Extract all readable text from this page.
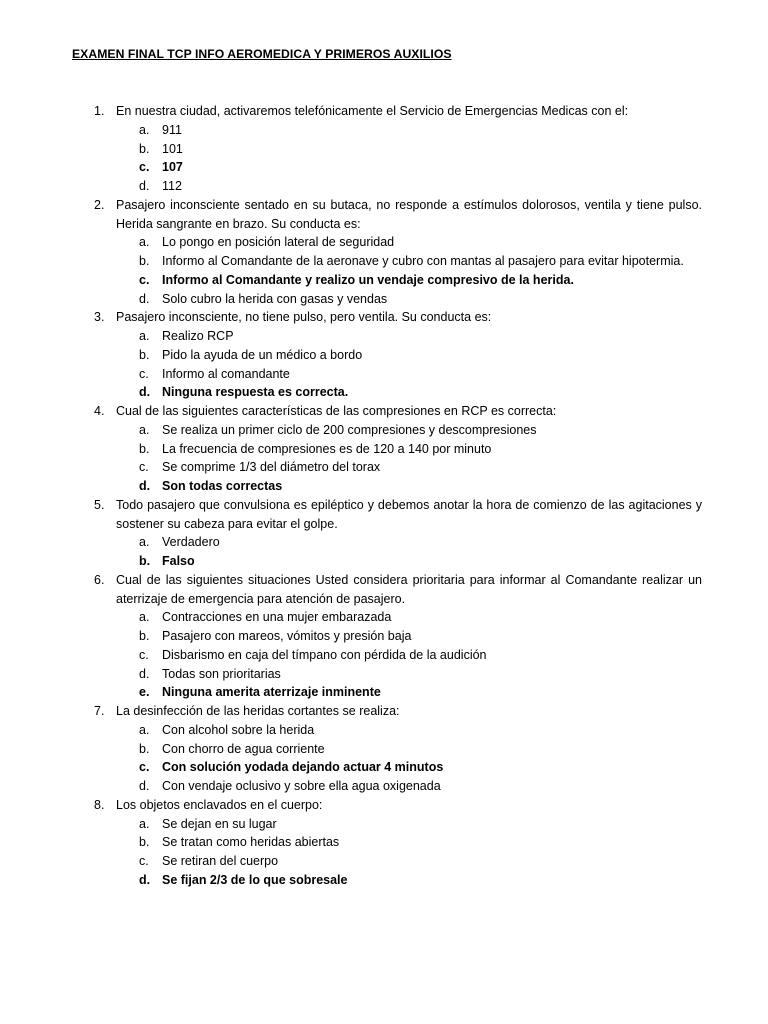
EXAMEN FINAL TCP INFO AEROMEDICA Y PRIMEROS AUXILIOS
1. En nuestra ciudad, activaremos telefónicamente el Servicio de Emergencias Medicas con el:
a. 911
b. 101
c. 107
d. 112
2. Pasajero inconsciente sentado en su butaca, no responde a estímulos dolorosos, ventila y tiene pulso.
Herida sangrante en brazo. Su conducta es:
a. Lo pongo en posición lateral de seguridad
b. Informo al Comandante de la aeronave y cubro con mantas al pasajero para evitar hipotermia.
c. Informo al Comandante y realizo un vendaje compresivo de la herida.
d. Solo cubro la herida con gasas y vendas
3. Pasajero inconsciente, no tiene pulso, pero ventila. Su conducta es:
a. Realizo RCP
b. Pido la ayuda de un médico a bordo
c. Informo al comandante
d. Ninguna respuesta es correcta.
4. Cual de las siguientes características de las compresiones en RCP es correcta:
a. Se realiza un primer ciclo de 200 compresiones y descompresiones
b. La frecuencia de compresiones es de 120 a 140 por minuto
c. Se comprime 1/3 del diámetro del torax
d. Son todas correctas
5. Todo pasajero que convulsiona es epiléptico y debemos anotar la hora de comienzo de las agitaciones y
sostener su cabeza para evitar el golpe.
a. Verdadero
b. Falso
6. Cual de las siguientes situaciones Usted considera prioritaria para informar al Comandante realizar un
aterrizaje de emergencia para atención de pasajero.
a. Contracciones en una mujer embarazada
b. Pasajero con mareos, vómitos y presión baja
c. Disbarismo en caja del tímpano con pérdida de la audición
d. Todas son prioritarias
e. Ninguna amerita aterrizaje inminente
7. La desinfección de las heridas cortantes se realiza:
a. Con alcohol sobre la herida
b. Con chorro de agua corriente
c. Con solución yodada dejando actuar 4 minutos
d. Con vendaje oclusivo y sobre ella agua oxigenada
8. Los objetos enclavados en el cuerpo:
a. Se dejan en su lugar
b. Se tratan como heridas abiertas
c. Se retiran del cuerpo
d. Se fijan 2/3 de lo que sobresale
